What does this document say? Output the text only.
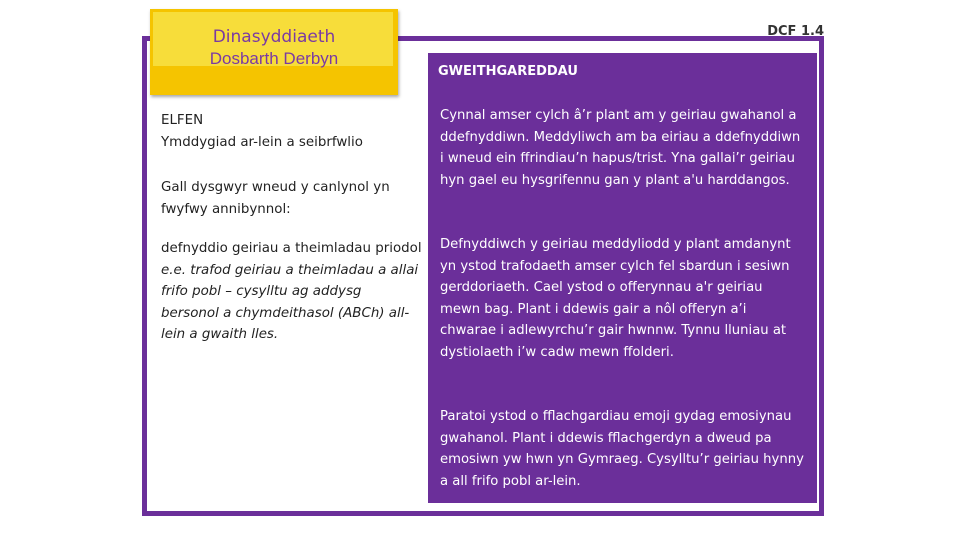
Dinasyddiaeth
Dosbarth Derbyn
DCF 1.4
ELFEN
Ymddygiad ar-lein a seibrfwlio
Gall dysgwyr wneud y canlynol yn fwyfwy annibynnol:
defnyddio geiriau a theimladau priodol e.e. trafod geiriau a theimladau a allai frifo pobl – cysylltu ag addysg bersonol a chymdeithasol (ABCh) all-lein a gwaith lles.
GWEITHGAREDDAU
Cynnal amser cylch â’r plant am y geiriau gwahanol a ddefnyddiwn. Meddyliwch am ba eiriau a ddefnyddiwn i wneud ein ffrindiau’n hapus/trist. Yna gallai’r geiriau hyn gael eu hysgrifennu gan y plant a'u harddangos.
Defnyddiwch y geiriau meddyliodd y plant amdanynt yn ystod trafodaeth amser cylch fel sbardun i sesiwn gerddoriaeth. Cael ystod o offerynnau a'r geiriau mewn bag. Plant i ddewis gair a nôl offeryn a’i chwarae i adlewyrchu’r gair hwnnw. Tynnu lluniau at dystiolaeth i’w cadw mewn ffolderi.
Paratoi ystod o fflachgardiau emoji gydag emosiynau gwahanol. Plant i ddewis fflachgerdyn a dweud pa emosiwn yw hwn yn Gymraeg. Cysylltu’r geiriau hynny a all frifo pobl ar-lein.
